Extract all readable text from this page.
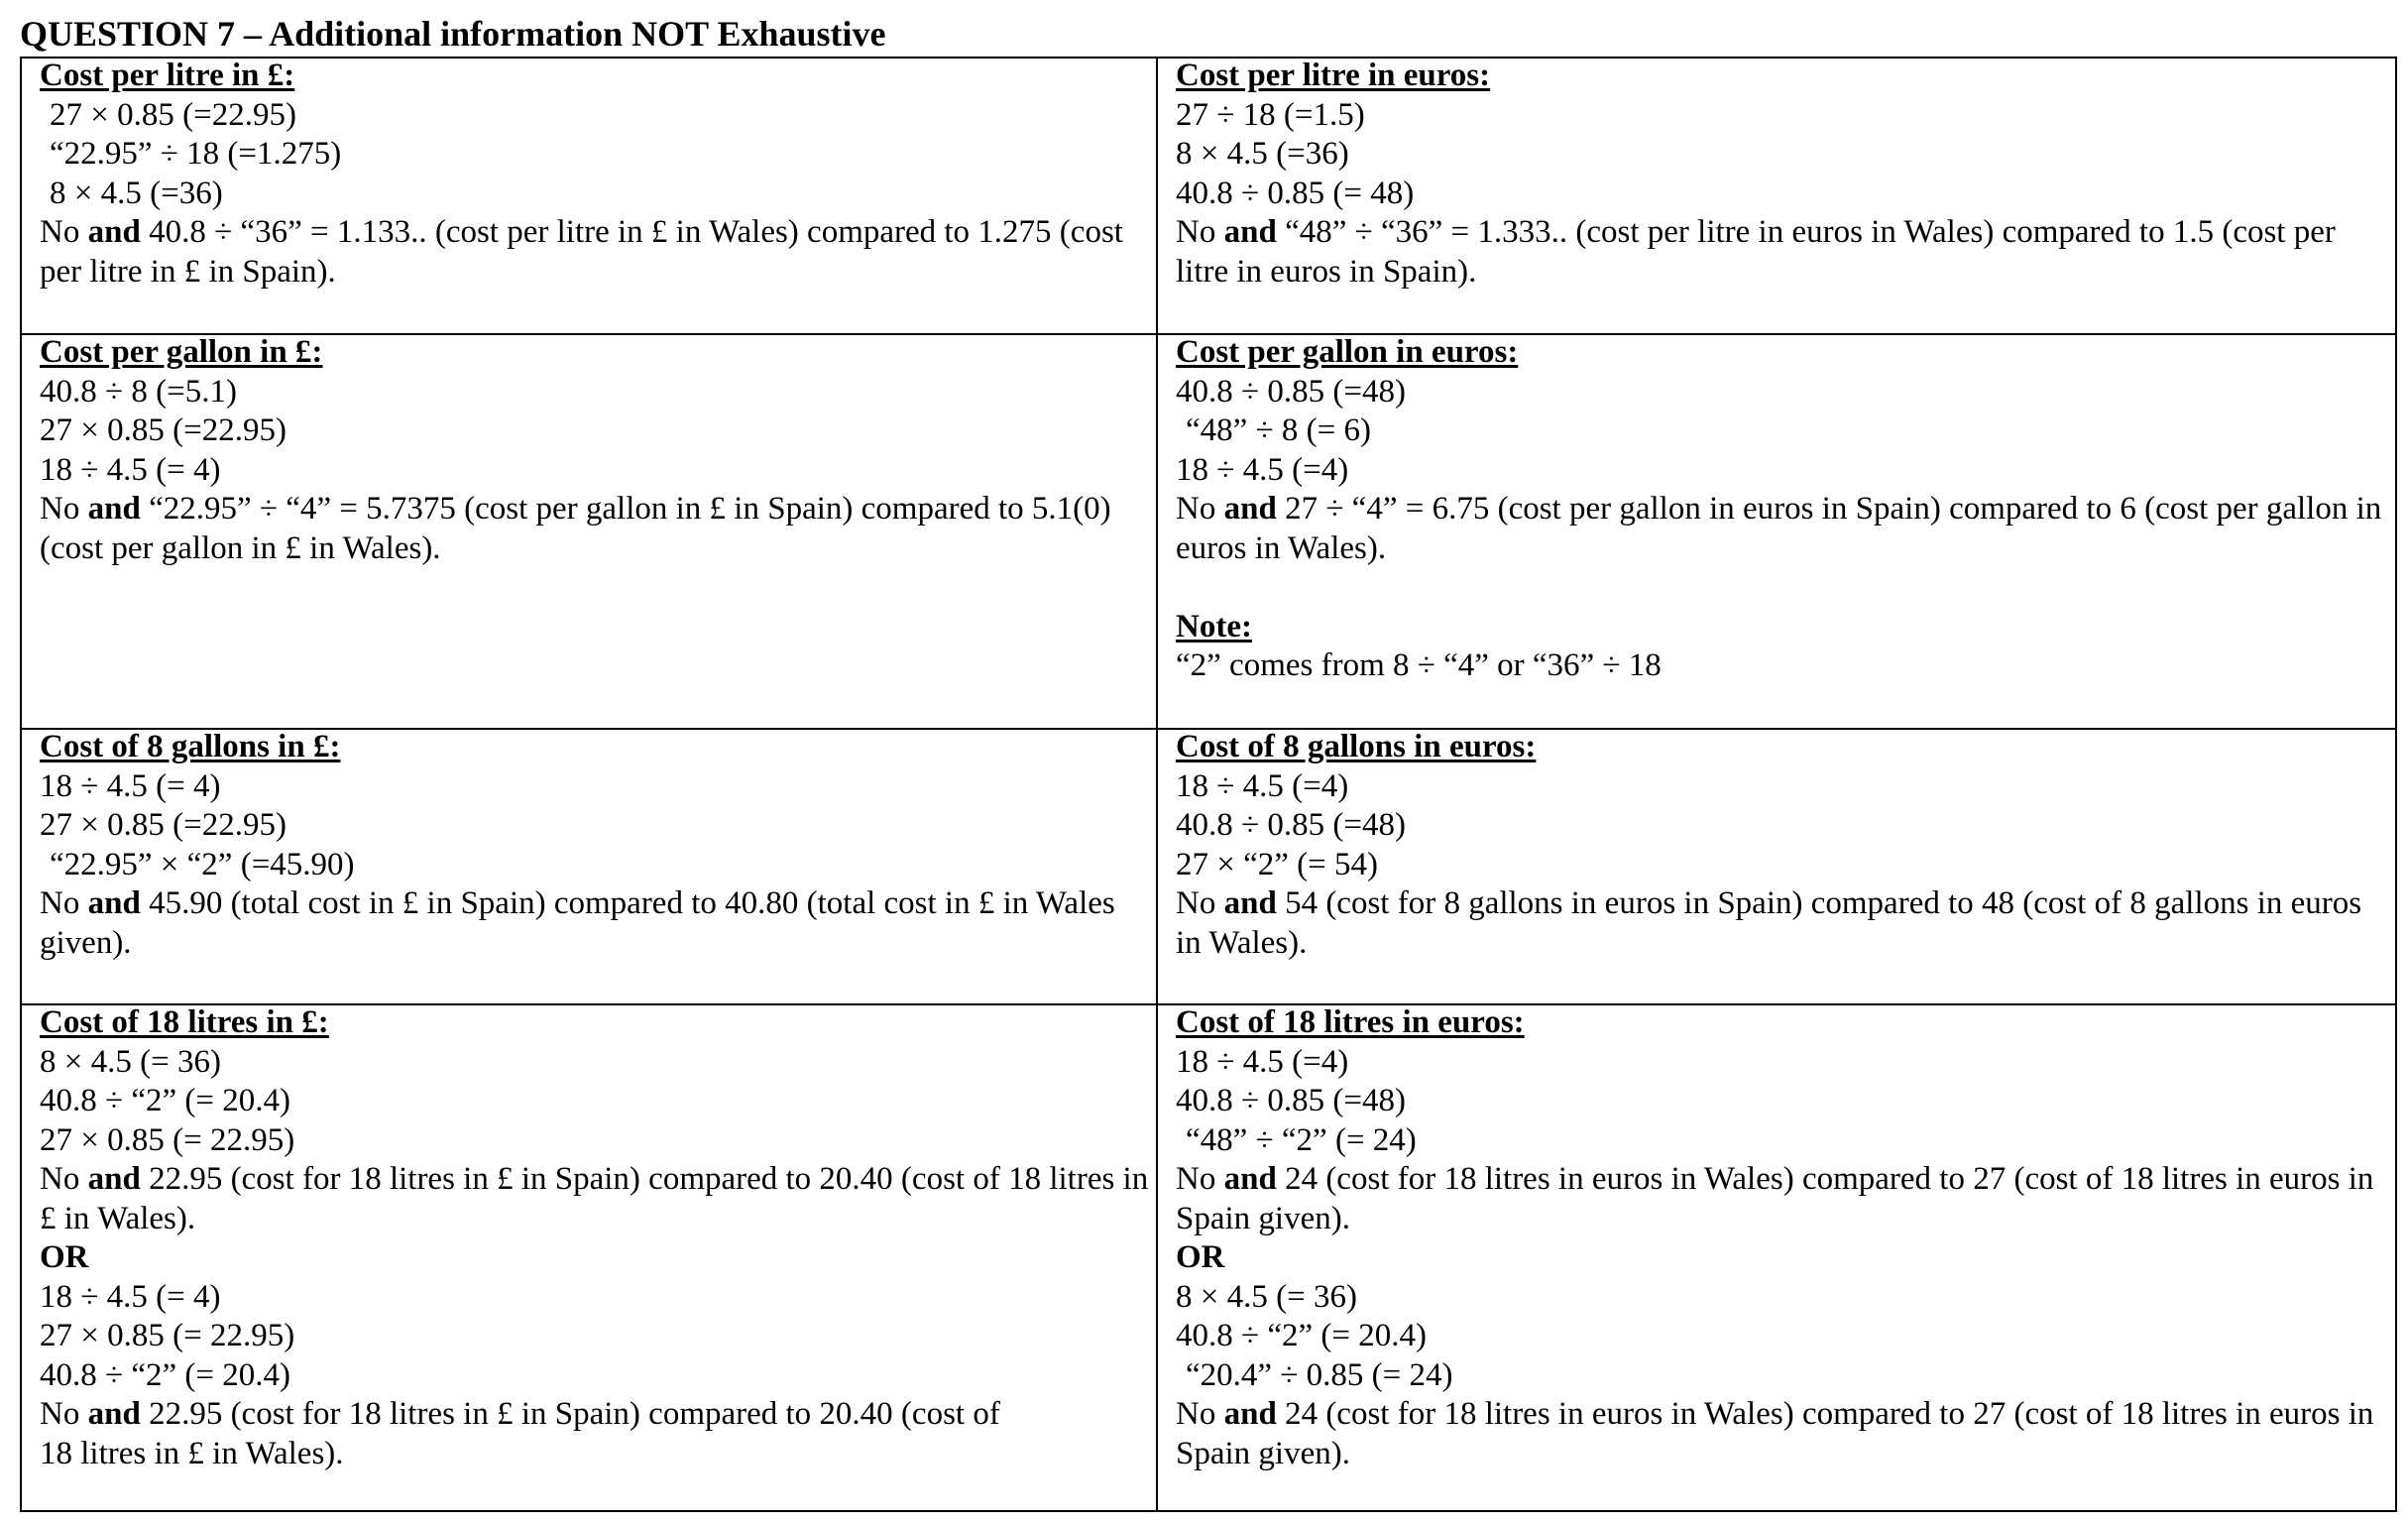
QUESTION 7 – Additional information NOT Exhaustive
Cost per litre in £:
27 × 0.85 (=22.95)
“22.95” ÷ 18 (=1.275)
8 × 4.5 (=36)
No and 40.8 ÷ “36” = 1.133.. (cost per litre in £ in Wales) compared to 1.275 (cost per litre in £ in Spain).
Cost per litre in euros:
27 ÷ 18 (=1.5)
8 × 4.5 (=36)
40.8 ÷ 0.85 (= 48)
No and “48” ÷ “36” = 1.333.. (cost per litre in euros in Wales) compared to 1.5 (cost per litre in euros in Spain).
Cost per gallon in £:
40.8 ÷ 8 (=5.1)
27 × 0.85 (=22.95)
18 ÷ 4.5 (= 4)
No and “22.95” ÷ “4” = 5.7375 (cost per gallon in £ in Spain) compared to 5.1(0) (cost per gallon in £ in Wales).
Cost per gallon in euros:
40.8 ÷ 0.85 (=48)
“48” ÷ 8 (= 6)
18 ÷ 4.5 (=4)
No and 27 ÷ “4” = 6.75 (cost per gallon in euros in Spain) compared to 6 (cost per gallon in euros in Wales).
Note:
“2” comes from 8 ÷ “4” or “36” ÷ 18
Cost of 8 gallons in £:
18 ÷ 4.5 (= 4)
27 × 0.85 (=22.95)
“22.95” × “2” (=45.90)
No and 45.90 (total cost in £ in Spain) compared to 40.80 (total cost in £ in Wales given).
Cost of 8 gallons in euros:
18 ÷ 4.5 (=4)
40.8 ÷ 0.85 (=48)
27 × “2” (= 54)
No and 54 (cost for 8 gallons in euros in Spain) compared to 48 (cost of 8 gallons in euros in Wales).
Cost of 18 litres in £:
8 × 4.5 (= 36)
40.8 ÷ “2” (= 20.4)
27 × 0.85 (= 22.95)
No and 22.95 (cost for 18 litres in £ in Spain) compared to 20.40 (cost of 18 litres in £ in Wales).
OR
18 ÷ 4.5 (= 4)
27 × 0.85 (= 22.95)
40.8 ÷ “2” (= 20.4)
No and 22.95 (cost for 18 litres in £ in Spain) compared to 20.40 (cost of 18 litres in £ in Wales).
Cost of 18 litres in euros:
18 ÷ 4.5 (=4)
40.8 ÷ 0.85 (=48)
“48” ÷ “2” (= 24)
No and 24 (cost for 18 litres in euros in Wales) compared to 27 (cost of 18 litres in euros in Spain given).
OR
8 × 4.5 (= 36)
40.8 ÷ “2” (= 20.4)
“20.4” ÷ 0.85 (= 24)
No and 24 (cost for 18 litres in euros in Wales) compared to 27 (cost of 18 litres in euros in Spain given).
